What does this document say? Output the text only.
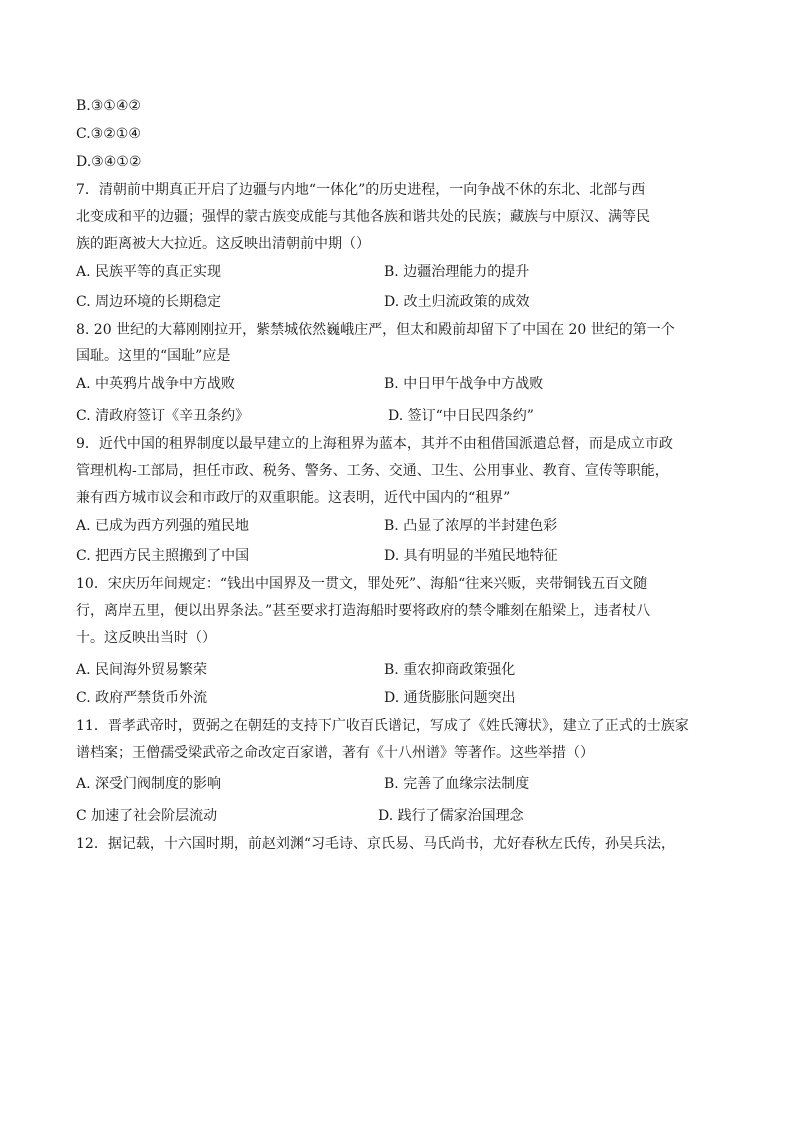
B.③①④②
C.③②①④
D.③④①②
7．清朝前中期真正开启了边疆与内地“一体化”的历史进程，一向争战不休的东北、北部与西
北变成和平的边疆；强悍的蒙古族变成能与其他各族和谐共处的民族；藏族与中原汉、满等民
族的距离被大大拉近。这反映出清朝前中期（）
A. 民族平等的真正实现	B. 边疆治理能力的提升
C. 周边环境的长期稳定	D. 改土归流政策的成效
8. 20 世纪的大幕刚刚拉开，紫禁城依然巍峨庄严，但太和殿前却留下了中国在 20 世纪的第一个
国耻。这里的“国耻”应是
A. 中英鸦片战争中方战败	B. 中日甲午战争中方战败
C. 清政府签订《辛丑条约》	D. 签订“中日民四条约”
9．近代中国的租界制度以最早建立的上海租界为蓝本，其并不由租借国派遣总督，而是成立市政
管理机构-工部局，担任市政、税务、警务、工务、交通、卫生、公用事业、教育、宣传等职能，
兼有西方城市议会和市政厅的双重职能。这表明，近代中国内的“租界”
A. 已成为西方列强的殖民地	B. 凸显了浓厚的半封建色彩
C. 把西方民主照搬到了中国	D. 具有明显的半殖民地特征
10．宋庆历年间规定：“钱出中国界及一贯文，罪处死”、海船“往来兴贩，夹带铜钱五百文随
行，离岸五里，便以出界条法。”甚至要求打造海船时要将政府的禁令雕刻在船梁上，违者杖八
十。这反映出当时（）
A. 民间海外贸易繁荣	B. 重农抑商政策强化
C. 政府严禁货币外流	D. 通货膨胀问题突出
11．晋孝武帝时，贾弼之在朝廷的支持下广收百氏谱记，写成了《姓氏簿状》，建立了正式的士族家
谱档案；王僧孺受梁武帝之命改定百家谱，著有《十八州谱》等著作。这些举措（）
A. 深受门阀制度的影响	B. 完善了血缘宗法制度
C 加速了社会阶层流动	D. 践行了儒家治国理念
12．据记载，十六国时期，前赵刘渊“习毛诗、京氏易、马氏尚书，尤好春秋左氏传，孙吴兵法，
